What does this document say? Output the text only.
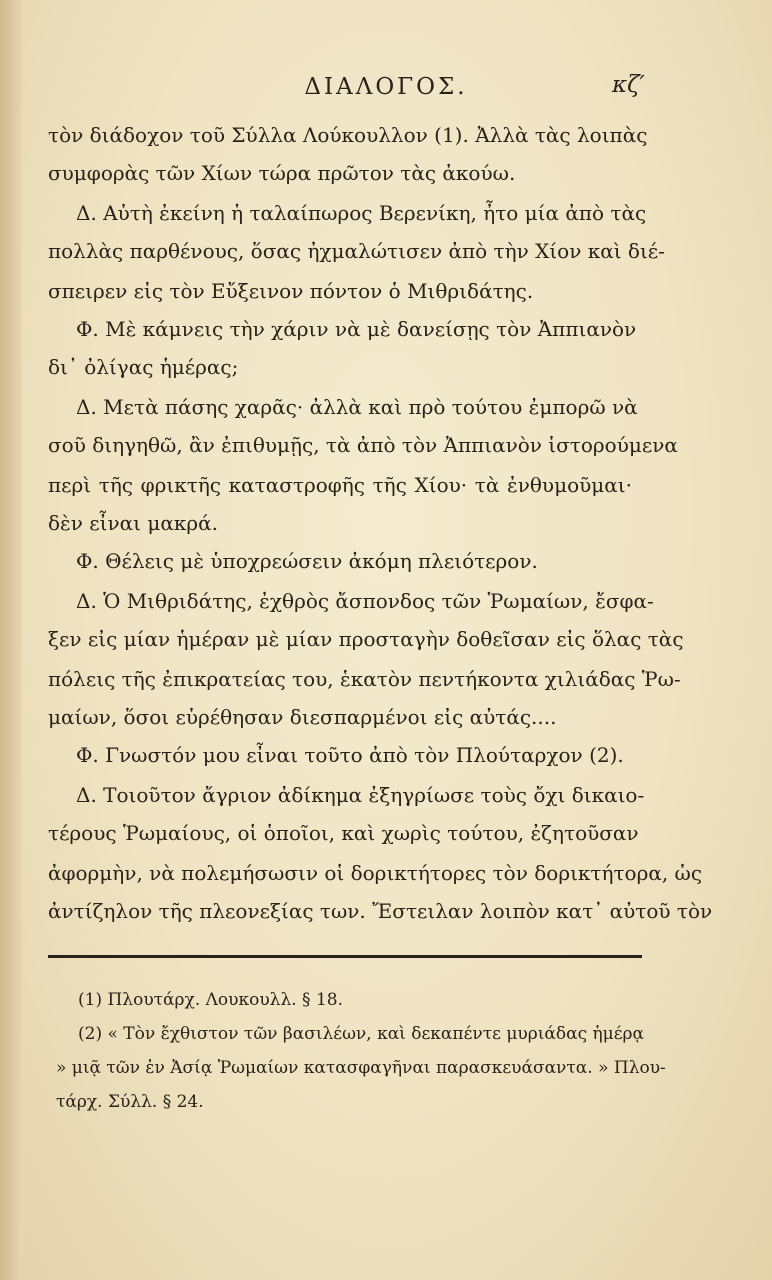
ΔΙΑΛΟΓΟΣ.	κζ′
τὸν διάδοχον τοῦ Σύλλα Λούκουλλον (1). Ἀλλὰ τὰς λοιπὰς
συμφορὰς τῶν Χίων τώρα πρῶτον τὰς ἀκούω.
Δ. Αὐτὴ ἐκείνη ἡ ταλαίπωρος Βερενίκη, ἦτο μία ἀπὸ τὰς
πολλὰς παρθένους, ὅσας ἠχμαλώτισεν ἀπὸ τὴν Χίον καὶ διέ-
σπειρεν εἰς τὸν Εὔξεινον πόντον ὁ Μιθριδάτης.
Φ. Μὲ κάμνεις τὴν χάριν νὰ μὲ δανείσῃς τὸν Ἀππιανὸν
δι᾽ ὀλίγας ἡμέρας;
Δ. Μετὰ πάσης χαρᾶς· ἀλλὰ καὶ πρὸ τούτου ἐμπορῶ νὰ
σοῦ διηγηθῶ, ἂν ἐπιθυμῇς, τὰ ἀπὸ τὸν Ἀππιανὸν ἱστορούμενα
περὶ τῆς φρικτῆς καταστροφῆς τῆς Χίου· τὰ ἐνθυμοῦμαι·
δὲν εἶναι μακρά.
Φ. Θέλεις μὲ ὑποχρεώσειν ἀκόμη πλειότερον.
Δ. Ὁ Μιθριδάτης, ἐχθρὸς ἄσπονδος τῶν Ῥωμαίων, ἔσφα-
ξεν εἰς μίαν ἡμέραν μὲ μίαν προσταγὴν δοθεῖσαν εἰς ὅλας τὰς
πόλεις τῆς ἐπικρατείας του, ἑκατὸν πεντήκοντα χιλιάδας Ῥω-
μαίων, ὅσοι εὑρέθησαν διεσπαρμένοι εἰς αὐτάς....
Φ. Γνωστόν μου εἶναι τοῦτο ἀπὸ τὸν Πλούταρχον (2).
Δ. Τοιοῦτον ἄγριον ἀδίκημα ἐξηγρίωσε τοὺς ὄχι δικαιο-
τέρους Ῥωμαίους, οἱ ὁποῖοι, καὶ χωρὶς τούτου, ἐζητοῦσαν
ἀφορμὴν, νὰ πολεμήσωσιν οἱ δορικτήτορες τὸν δορικτήτορα, ὡς
ἀντίζηλον τῆς πλεονεξίας των. Ἔστειλαν λοιπὸν κατ᾽ αὐτοῦ τὸν
(1) Πλουτάρχ. Λουκουλλ. § 18.
(2) « Τὸν ἔχθιστον τῶν βασιλέων, καὶ δεκαπέντε μυριάδας ἡμέρᾳ
» μιᾷ τῶν ἐν Ἀσίᾳ Ῥωμαίων κατασφαγῆναι παρασκευάσαντα. » Πλου-
τάρχ. Σύλλ. § 24.
